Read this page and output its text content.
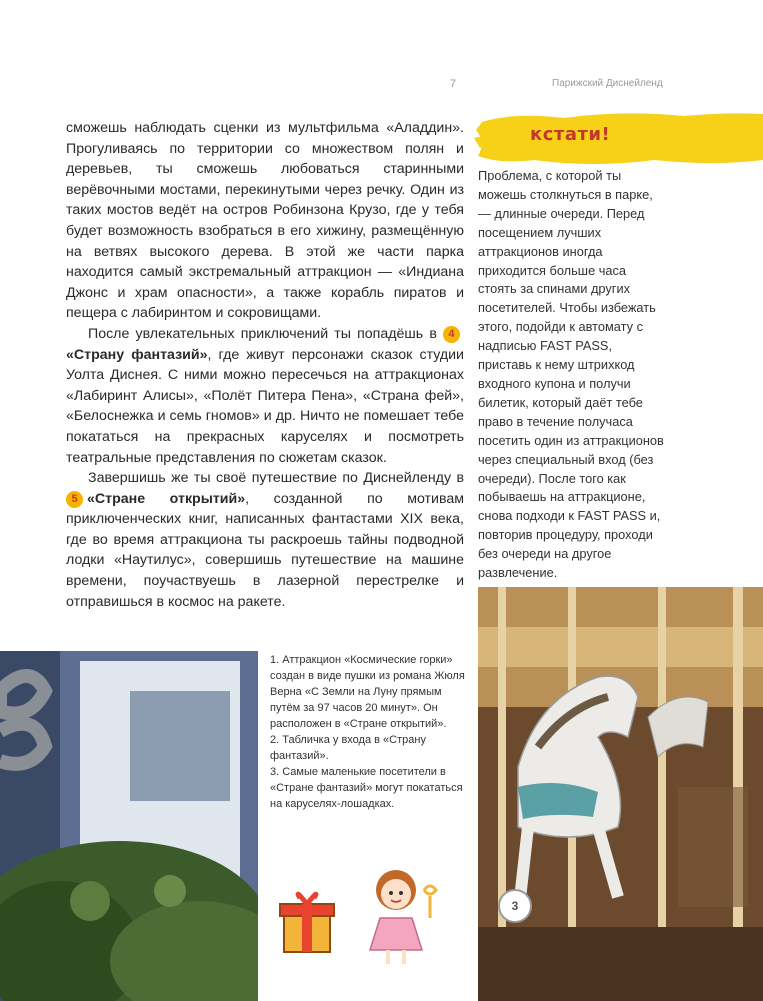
7	Парижский Диснейленд

сможешь наблюдать сценки из мультфильма «Аладдин». Прогуливаясь по территории со множеством полян и деревьев, ты сможешь любоваться старинными верёвочными мостами, перекинутыми через речку. Один из таких мостов ведёт на остров Робинзона Крузо, где у тебя будет возможность взобраться в его хижину, размещённую на ветвях высокого дерева. В этой же части парка находится самый экстремальный аттракцион — «Индиана Джонс и храм опасности», а также корабль пиратов и пещера с лабиринтом и сокровищами.

После увлекательных приключений ты попадёшь в 4«Страну фантазий», где живут персонажи сказок студии Уолта Диснея. С ними можно пересечься на аттракционах «Лабиринт Алисы», «Полёт Питера Пена», «Страна фей», «Белоснежка и семь гномов» и др. Ничто не помешает тебе покататься на прекрасных каруселях и посмотреть театральные представления по сюжетам сказок.

Завершишь же ты своё путешествие по Диснейленду в 5 «Стране открытий», созданной по мотивам приключенческих книг, написанных фантастами XIX века, где во время аттракциона ты раскроешь тайны подводной лодки «Наутилус», совершишь путешествие на машине времени, поучаствуешь в лазерной перестрелке и отправишься в космос на ракете.

кстати!
Проблема, с которой ты можешь столкнуться в парке, — длинные очереди. Перед посещением лучших аттракционов иногда приходится больше часа стоять за спинами других посетителей. Чтобы избежать этого, подойди к автомату с надписью FAST PASS, приставь к нему штрихкод входного купона и получи билетик, который даёт тебе право в течение получаса посетить один из аттракционов через специальный вход (без очереди). После того как побываешь на аттракционе, снова подходи к FAST PASS и, повторив процедуру, проходи без очереди на другое развлечение.
1. Аттракцион «Космические горки» создан в виде пушки из романа Жюля Верна «С Земли на Луну прямым путём за 97 часов 20 минут». Он расположен в «Стране открытий».
2. Табличка у входа в «Страну фантазий».
3. Самые маленькие посетители в «Стране фантазий» могут покататься на каруселях-лошадках.
3
